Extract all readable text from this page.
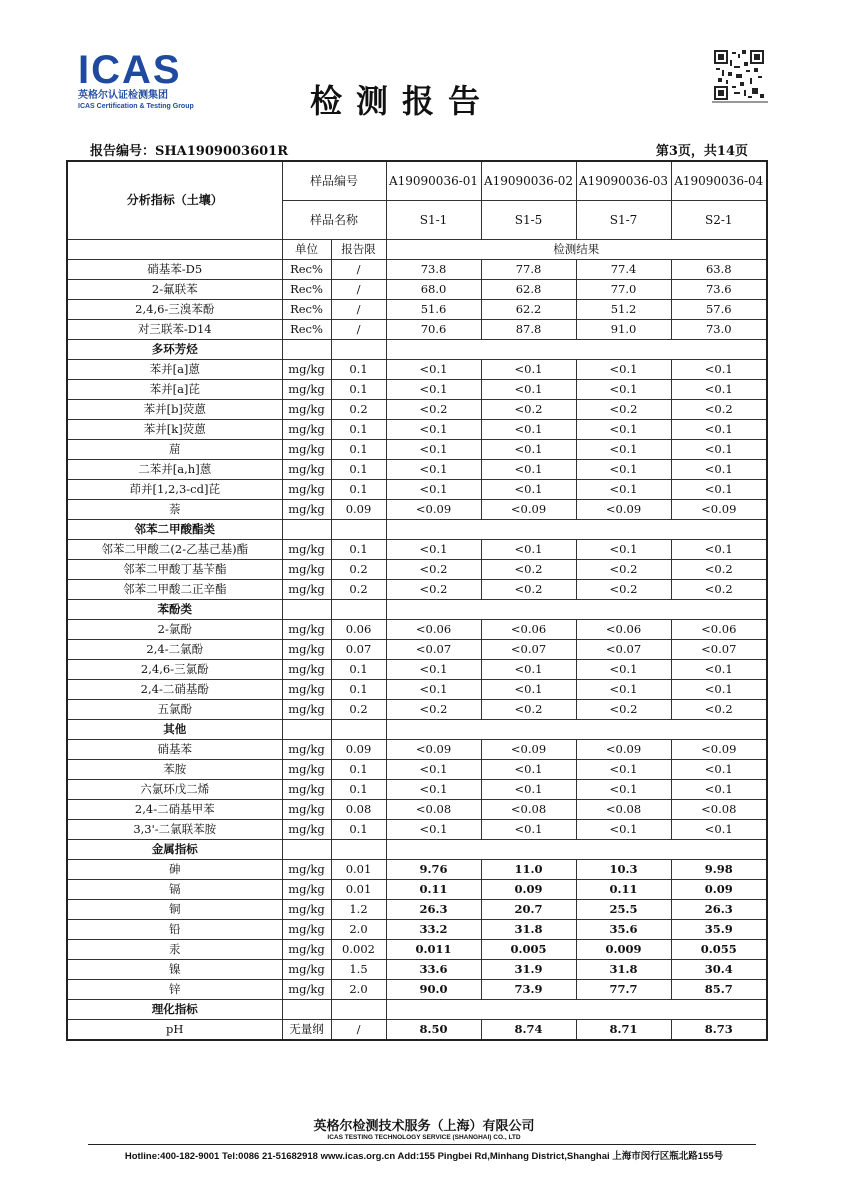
ICAS
英格尔认证检测集团
ICAS Certification & Testing Group	检测报告
报告编号：SHA1909003601R	第3页，共14页
分析指标（土壤）	样品编号		A19090036-01	A19090036-02	A19090036-03	A19090036-04
	样品名称		S1-1	S1-5	S1-7	S2-1
	单位	报告限	检测结果			
硝基苯-D5	Rec%	/	73.8	77.8	77.4	63.8
2-氟联苯	Rec%	/	68.0	62.8	77.0	73.6
2,4,6-三溴苯酚	Rec%	/	51.6	62.2	51.2	57.6
对三联苯-D14	Rec%	/	70.6	87.8	91.0	73.0
多环芳烃						
苯并[a]蒽	mg/kg	0.1	<0.1	<0.1	<0.1	<0.1
苯并[a]芘	mg/kg	0.1	<0.1	<0.1	<0.1	<0.1
苯并[b]荧蒽	mg/kg	0.2	<0.2	<0.2	<0.2	<0.2
苯并[k]荧蒽	mg/kg	0.1	<0.1	<0.1	<0.1	<0.1
䓛	mg/kg	0.1	<0.1	<0.1	<0.1	<0.1
二苯并[a,h]蒽	mg/kg	0.1	<0.1	<0.1	<0.1	<0.1
茚并[1,2,3-cd]芘	mg/kg	0.1	<0.1	<0.1	<0.1	<0.1
萘	mg/kg	0.09	<0.09	<0.09	<0.09	<0.09
邻苯二甲酸酯类						
邻苯二甲酸二(2-乙基己基)酯	mg/kg	0.1	<0.1	<0.1	<0.1	<0.1
邻苯二甲酸丁基苄酯	mg/kg	0.2	<0.2	<0.2	<0.2	<0.2
邻苯二甲酸二正辛酯	mg/kg	0.2	<0.2	<0.2	<0.2	<0.2
苯酚类						
2-氯酚	mg/kg	0.06	<0.06	<0.06	<0.06	<0.06
2,4-二氯酚	mg/kg	0.07	<0.07	<0.07	<0.07	<0.07
2,4,6-三氯酚	mg/kg	0.1	<0.1	<0.1	<0.1	<0.1
2,4-二硝基酚	mg/kg	0.1	<0.1	<0.1	<0.1	<0.1
五氯酚	mg/kg	0.2	<0.2	<0.2	<0.2	<0.2
其他						
硝基苯	mg/kg	0.09	<0.09	<0.09	<0.09	<0.09
苯胺	mg/kg	0.1	<0.1	<0.1	<0.1	<0.1
六氯环戊二烯	mg/kg	0.1	<0.1	<0.1	<0.1	<0.1
2,4-二硝基甲苯	mg/kg	0.08	<0.08	<0.08	<0.08	<0.08
3,3'-二氯联苯胺	mg/kg	0.1	<0.1	<0.1	<0.1	<0.1
金属指标						
砷	mg/kg	0.01	9.76	11.0	10.3	9.98
镉	mg/kg	0.01	0.11	0.09	0.11	0.09
铜	mg/kg	1.2	26.3	20.7	25.5	26.3
铅	mg/kg	2.0	33.2	31.8	35.6	35.9
汞	mg/kg	0.002	0.011	0.005	0.009	0.055
镍	mg/kg	1.5	33.6	31.9	31.8	30.4
锌	mg/kg	2.0	90.0	73.9	77.7	85.7
理化指标						
pH	无量纲	/	8.50	8.74	8.71	8.73
英格尔检测技术服务（上海）有限公司
ICAS TESTING TECHNOLOGY SERVICE (SHANGHAI) CO., LTD
Hotline:400-182-9001 Tel:0086 21-51682918 www.icas.org.cn Add:155 Pingbei Rd,Minhang District,Shanghai 上海市闵行区瓶北路155号
